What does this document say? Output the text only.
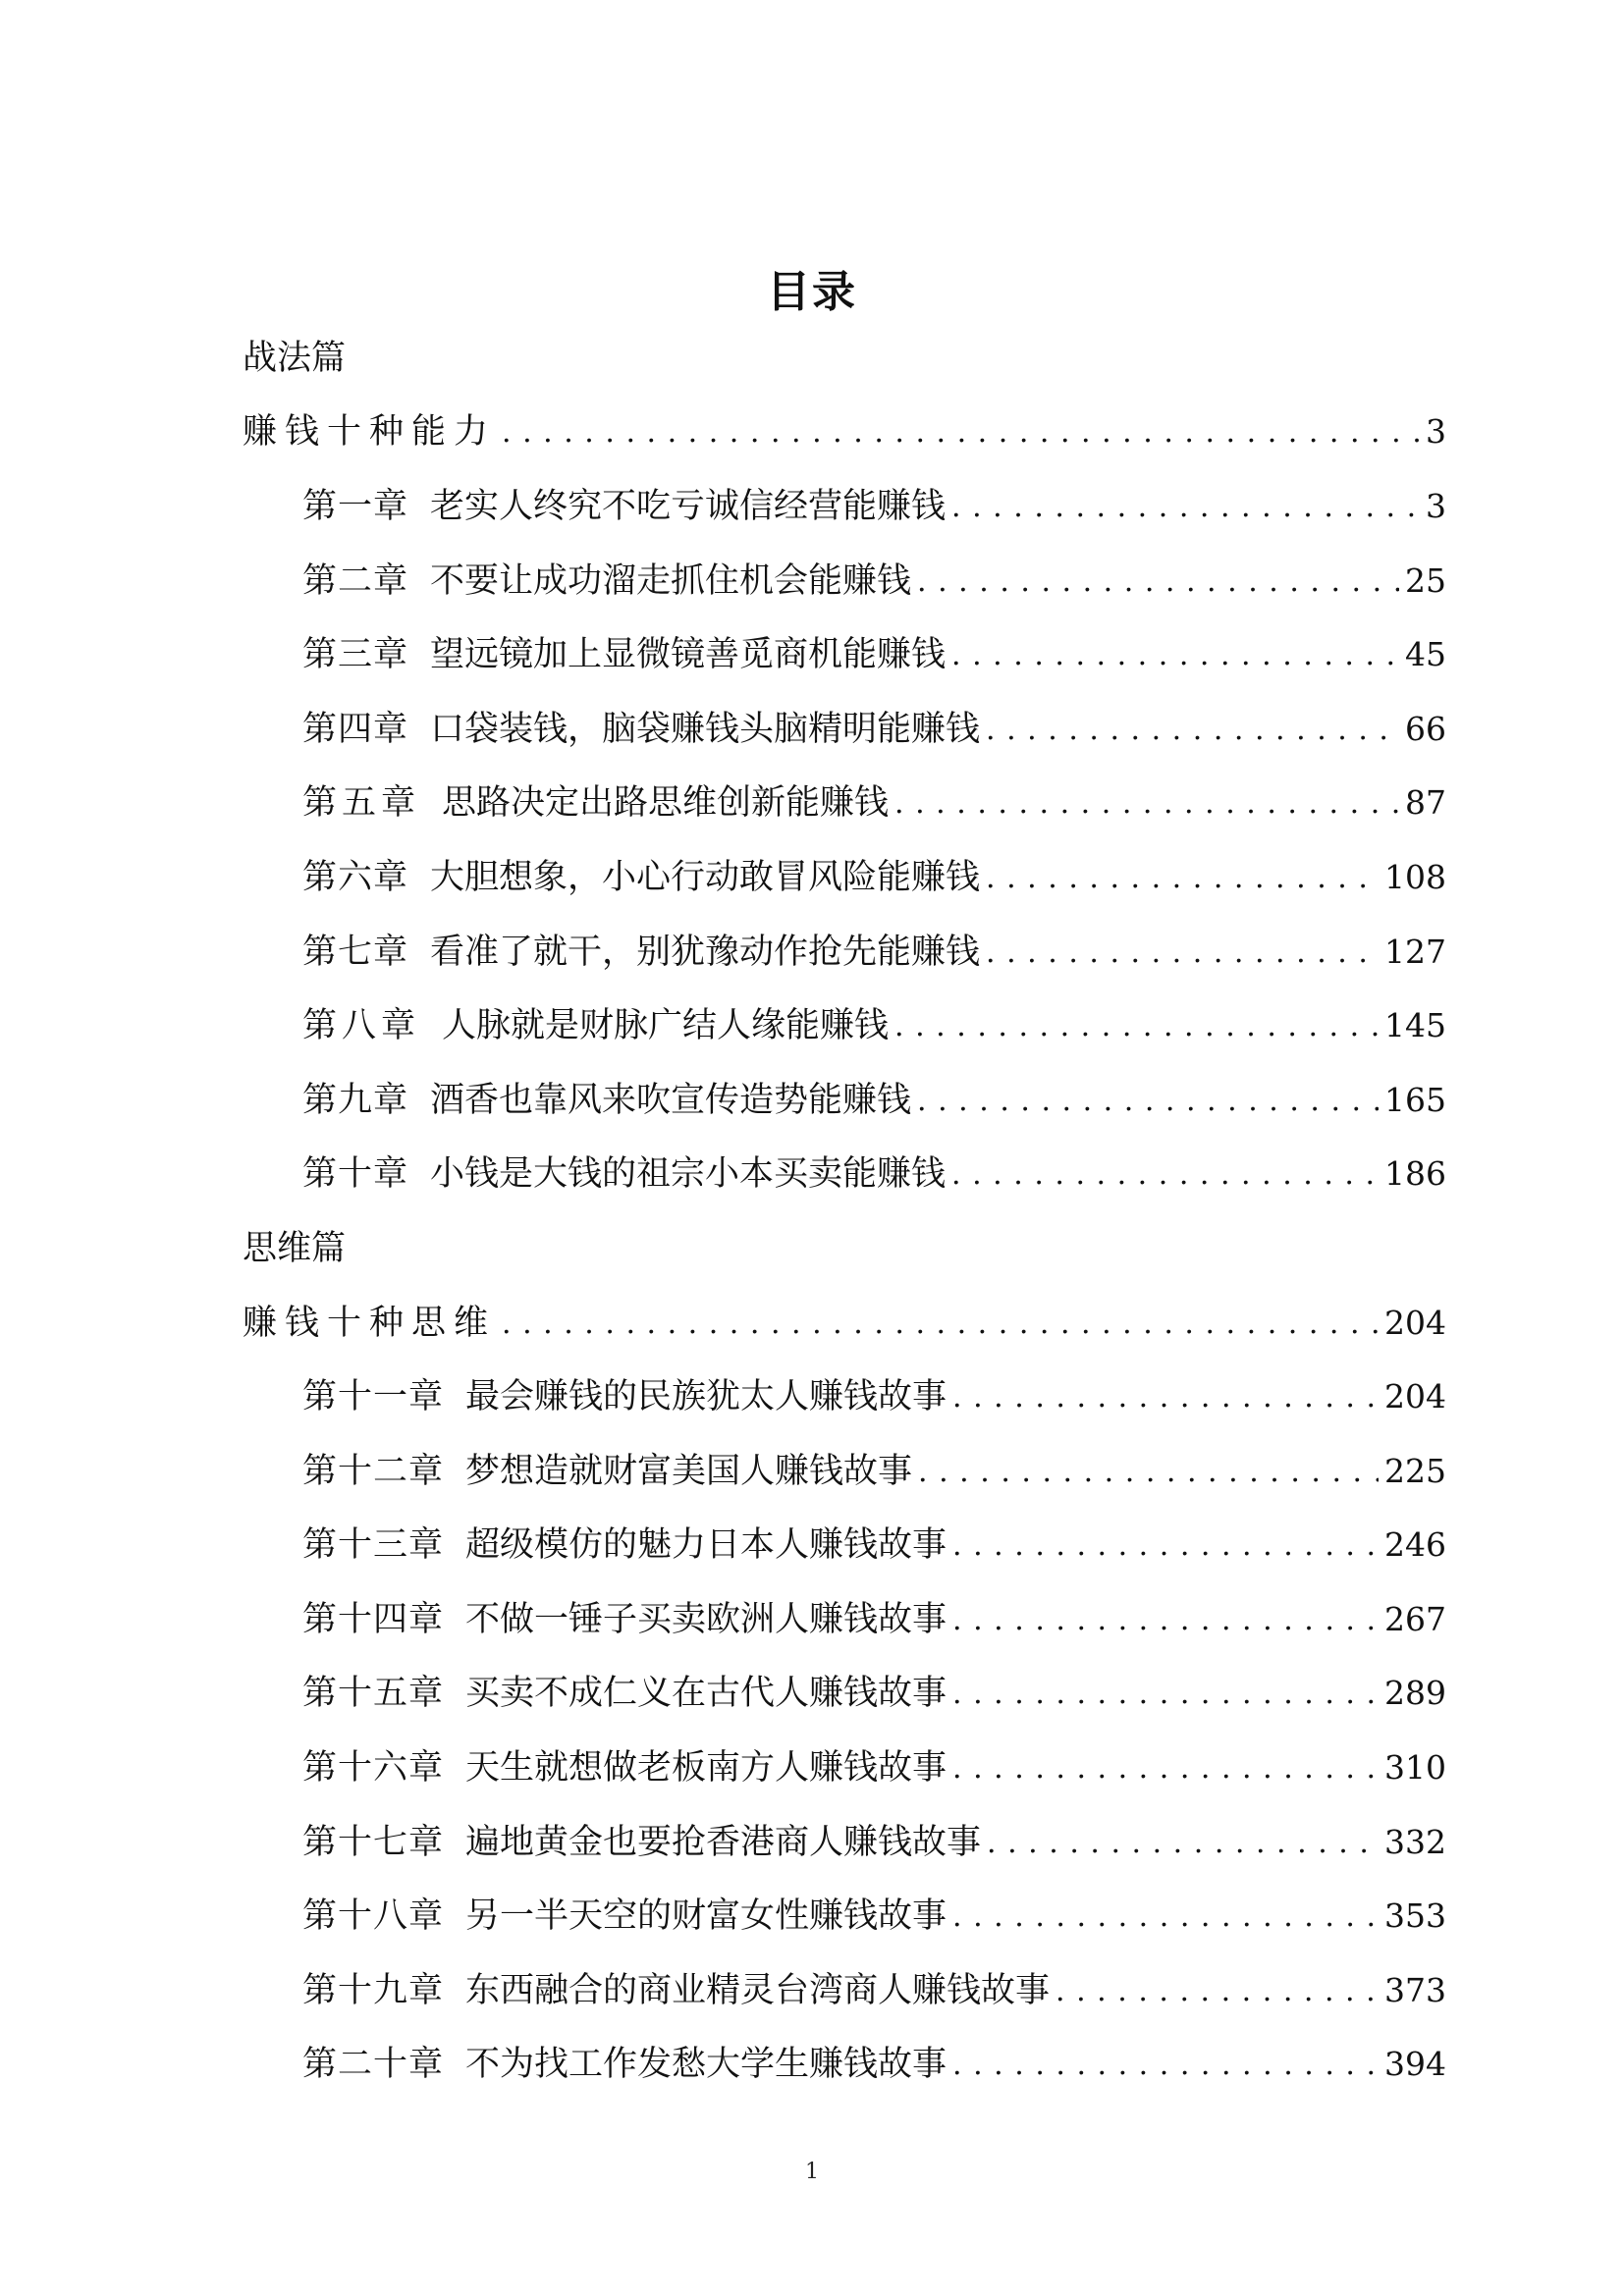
目录
战法篇
赚钱十种能力 . . .	3
第一章 老实人终究不吃亏诚信经营能赚钱 . . .	3
第二章 不要让成功溜走抓住机会能赚钱 . . .	25
第三章 望远镜加上显微镜善觅商机能赚钱 . . .	45
第四章 口袋装钱，脑袋赚钱头脑精明能赚钱 . . .	66
第五章 思路决定出路思维创新能赚钱 . . .	87
第六章 大胆想象，小心行动敢冒风险能赚钱 . . .	108
第七章 看准了就干，别犹豫动作抢先能赚钱 . . .	127
第八章 人脉就是财脉广结人缘能赚钱 . . .	145
第九章 酒香也靠风来吹宣传造势能赚钱 . . .	165
第十章 小钱是大钱的祖宗小本买卖能赚钱 . . .	186
思维篇
赚钱十种思维 . . .	204
第十一章 最会赚钱的民族犹太人赚钱故事 . . .	204
第十二章 梦想造就财富美国人赚钱故事 . . .	225
第十三章 超级模仿的魅力日本人赚钱故事 . . .	246
第十四章 不做一锤子买卖欧洲人赚钱故事 . . .	267
第十五章 买卖不成仁义在古代人赚钱故事 . . .	289
第十六章 天生就想做老板南方人赚钱故事 . . .	310
第十七章 遍地黄金也要抢香港商人赚钱故事 . . .	332
第十八章 另一半天空的财富女性赚钱故事 . . .	353
第十九章 东西融合的商业精灵台湾商人赚钱故事 . . .	373
第二十章 不为找工作发愁大学生赚钱故事 . . .	394
1
